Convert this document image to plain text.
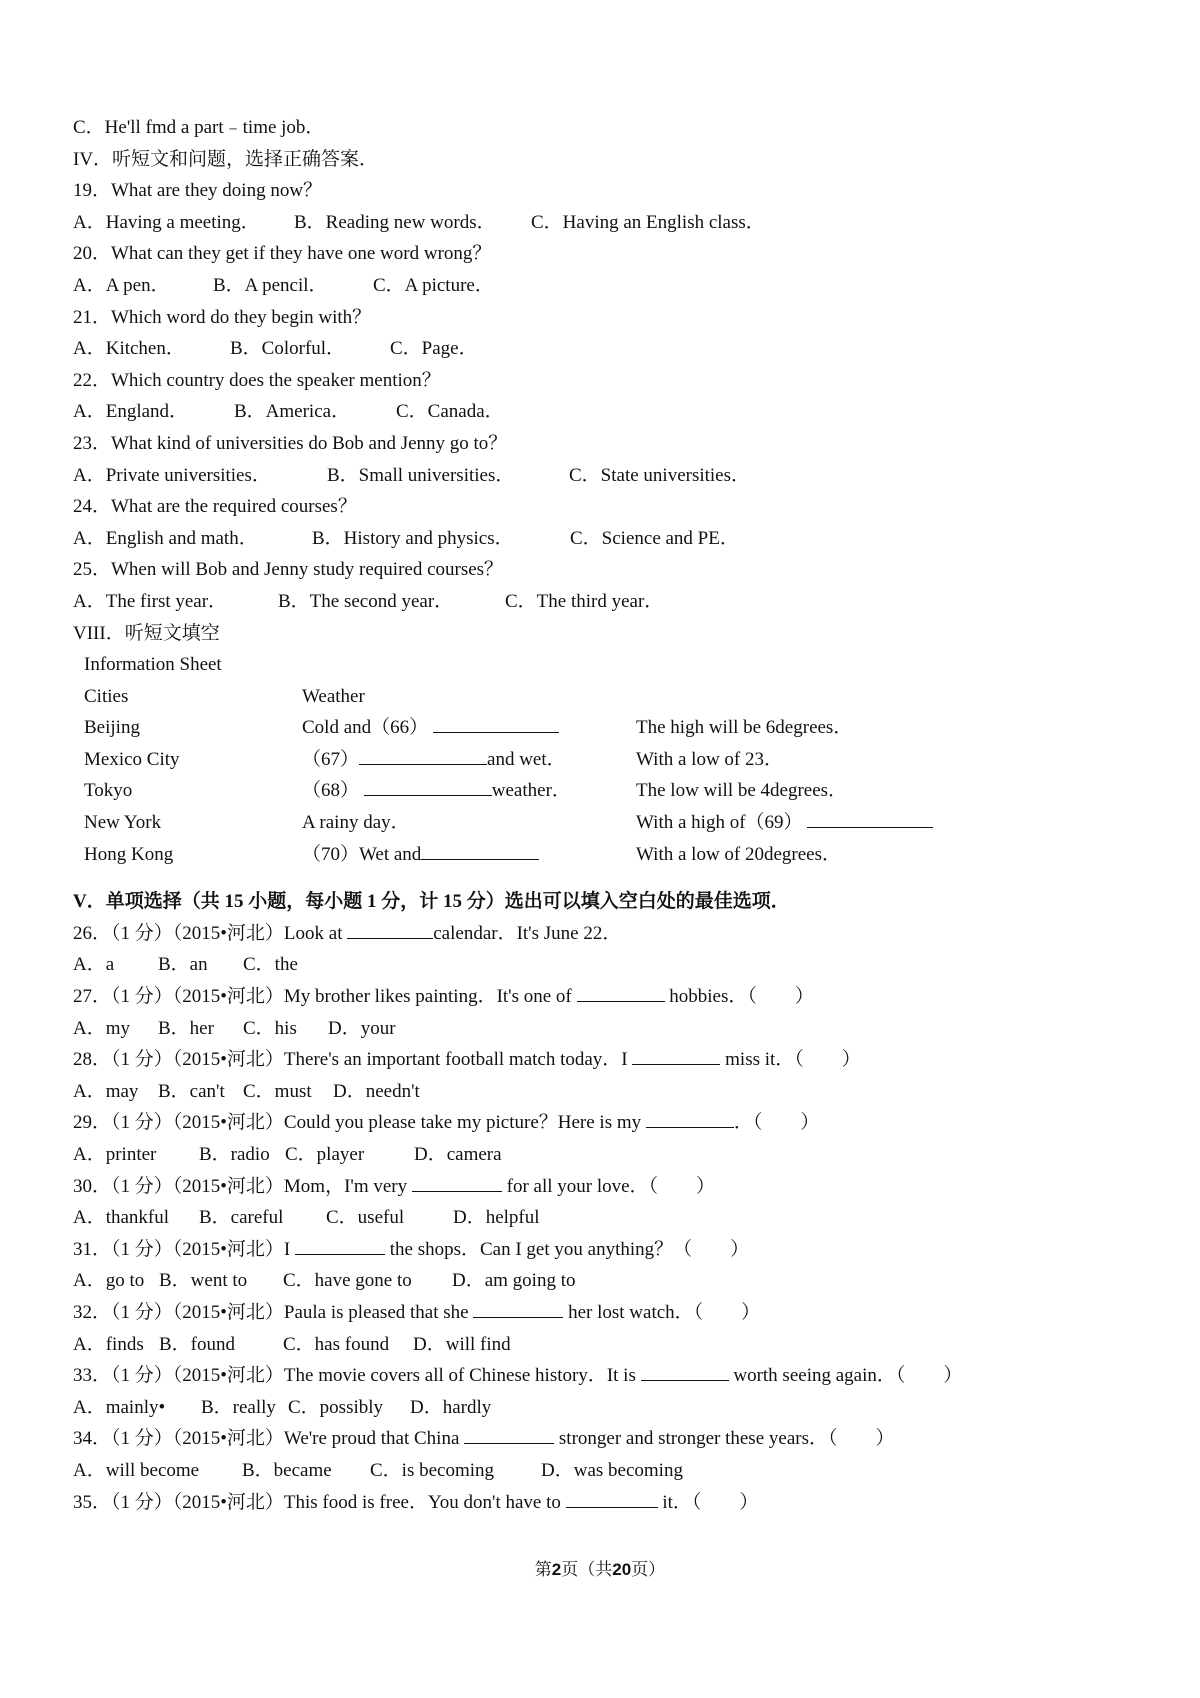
C．He'll fmd a part﹣time job．
IV．听短文和问题，选择正确答案．
19．What are they doing now？
A．Having a meeting． B．Reading new words． C．Having an English class．
20．What can they get if they have one word wrong？
A．A pen． B．A pencil． C．A picture．
21．Which word do they begin with？
A．Kitchen． B．Colorful． C．Page．
22．Which country does the speaker mention？
A．England． B．America． C．Canada．
23．What kind of universities do Bob and Jenny go to？
A．Private universities．	B．Small universities．	C．State universities．
24．What are the required courses？
A．English and math．	B．History and physics．	C．Science and PE．
25．When will Bob and Jenny study required courses？
A．The first year．	B．The second year．	C．The third year．
VIII．听短文填空
Information Sheet
Cities	Weather
Beijing	Cold and（66）	The high will be 6degrees．
Mexico City	（67）	and wet．	With a low of 23．
Tokyo	（68）	weather．	The low will be 4degrees．
New York	A rainy day．	With a high of（69）
Hong Kong	（70）Wet and	With a low of 20degrees．
V．单项选择（共 15 小题，每小题 1 分，计 15 分）选出可以填入空白处的最佳选项．
26．（1 分）（2015•河北）Look at	calendar．It's June 22．
A．a B．an C．the
27．（1 分）（2015•河北）My brother likes painting．It's one of	hobbies．（　　）
A．my B．her C．his D．your
28．（1 分）（2015•河北）There's an important football match today．I	miss it．（　　）
A．may B．can't C．must D．needn't
29．（1 分）（2015•河北）Could you please take my picture？Here is my	．（　　）
A．printer B．radio C．player	D．camera
30．（1 分）（2015•河北）Mom，I'm very	for all your love．（　　）
A．thankful B．careful C．useful	D．helpful
31．（1 分）（2015•河北）I	the shops．Can I get you anything？（　　）
A．go to B．went to C．have gone to D．am going to
32．（1 分）（2015•河北）Paula is pleased that she	her lost watch．（　　）
A．finds B．found	C．has found D．will find
33．（1 分）（2015•河北）The movie covers all of Chinese history．It is	worth seeing again．（　　）
A．mainly• B．really C．possibly D．hardly
34．（1 分）（2015•河北）We're proud that China	stronger and stronger these years．（　　）
A．will become B．became C．is becoming D．was becoming
35．（1 分）（2015•河北）This food is free．You don't have to	it．（　　）
第2页（共20页）
